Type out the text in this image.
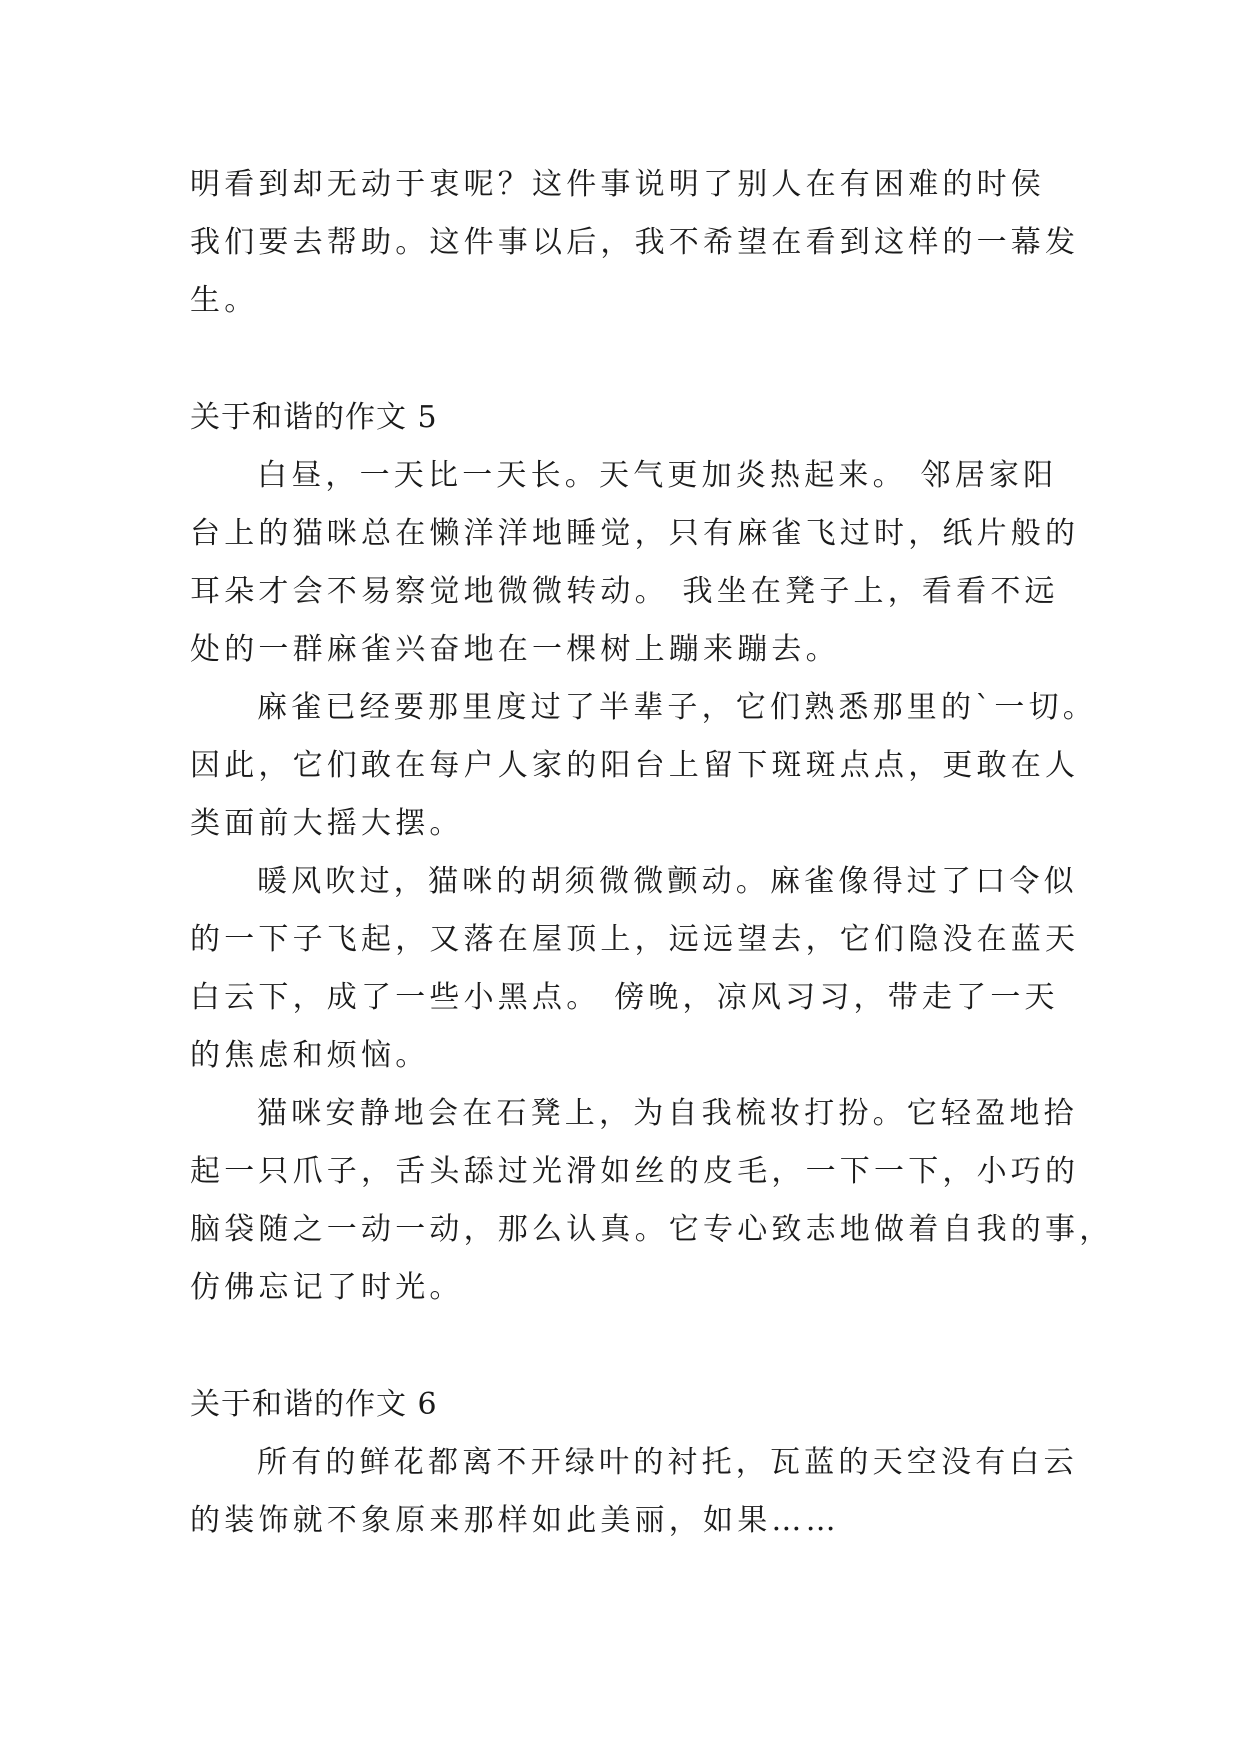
明看到却无动于衷呢？这件事说明了别人在有困难的时侯
我们要去帮助。这件事以后，我不希望在看到这样的一幕发
生。
关于和谐的作文 5
白昼，一天比一天长。天气更加炎热起来。 邻居家阳
台上的猫咪总在懒洋洋地睡觉，只有麻雀飞过时，纸片般的
耳朵才会不易察觉地微微转动。 我坐在凳子上，看看不远
处的一群麻雀兴奋地在一棵树上蹦来蹦去。
麻雀已经要那里度过了半辈子，它们熟悉那里的`一切。
因此，它们敢在每户人家的阳台上留下斑斑点点，更敢在人
类面前大摇大摆。
暖风吹过，猫咪的胡须微微颤动。麻雀像得过了口令似
的一下子飞起，又落在屋顶上，远远望去，它们隐没在蓝天
白云下，成了一些小黑点。 傍晚，凉风习习，带走了一天
的焦虑和烦恼。
猫咪安静地会在石凳上，为自我梳妆打扮。它轻盈地拾
起一只爪子，舌头舔过光滑如丝的皮毛，一下一下，小巧的
脑袋随之一动一动，那么认真。它专心致志地做着自我的事，
仿佛忘记了时光。
关于和谐的作文 6
所有的鲜花都离不开绿叶的衬托，瓦蓝的天空没有白云
的装饰就不象原来那样如此美丽，如果……
